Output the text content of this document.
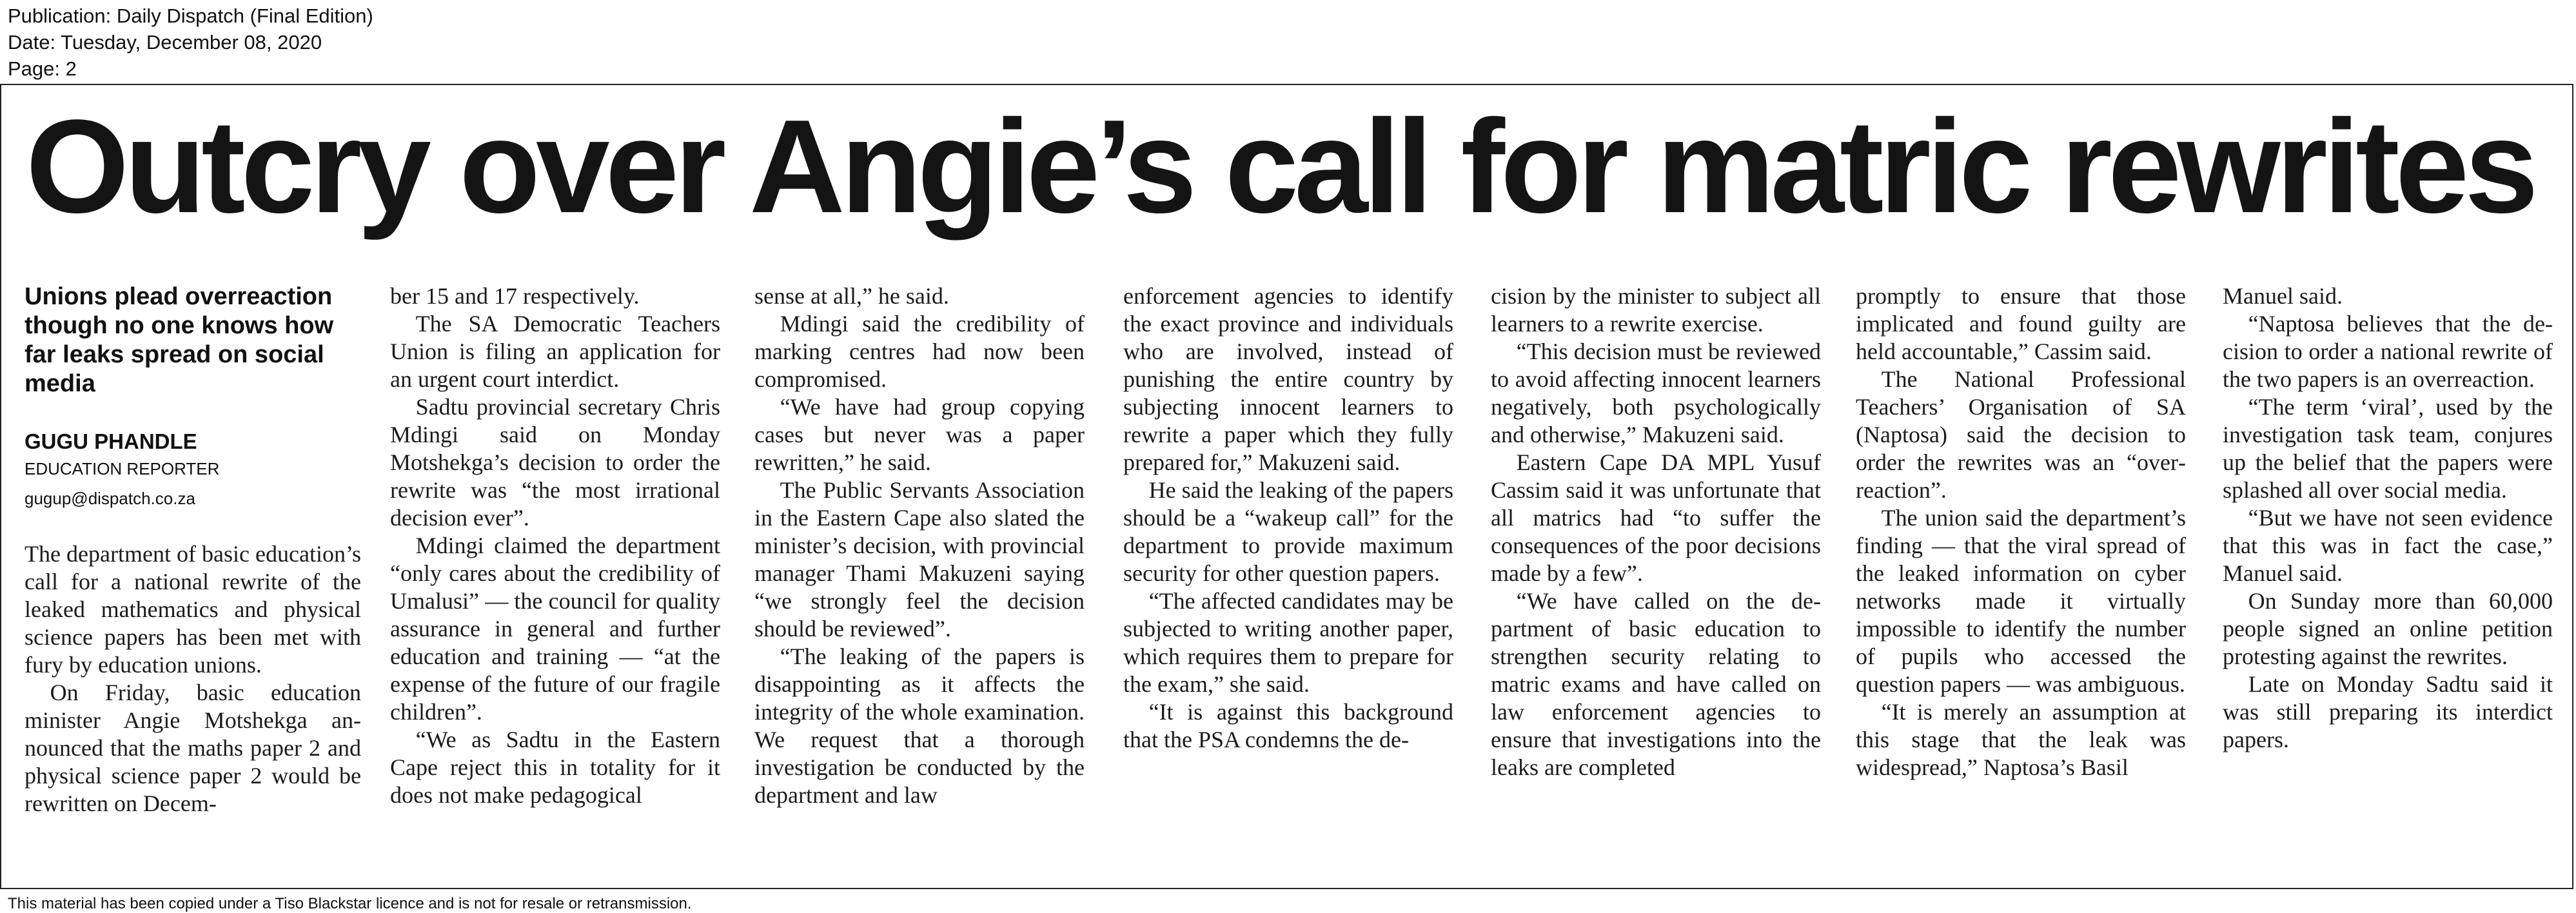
Publication: Daily Dispatch (Final Edition)
Date: Tuesday, December 08, 2020
Page: 2
Outcry over Angie’s call for matric rewrites
Unions plead overreaction though no one knows how far leaks spread on social media
GUGU PHANDLE
EDUCATION REPORTER
gugup@dispatch.co.za

The department of basic education’s call for a national rewrite of the leaked mathematics and physical science papers has been met with fury by education unions.

On Friday, basic education minister Angie Motshekga announced that the maths paper 2 and physical science paper 2 would be rewritten on Decem-

ber 15 and 17 respectively.

The SA Democratic Teachers Union is filing an application for an urgent court interdict.

Sadtu provincial secretary Chris Mdingi said on Monday Motshekga’s decision to order the rewrite was “the most irrational decision ever”.

Mdingi claimed the department “only cares about the credibility of Umalusi” — the council for quality assurance in general and further education and training — “at the expense of the future of our fragile children”.

“We as Sadtu in the Eastern Cape reject this in totality for it does not make pedagogical

sense at all,” he said.

Mdingi said the credibility of marking centres had now been compromised.

“We have had group copying cases but never was a paper rewritten,” he said.

The Public Servants Association in the Eastern Cape also slated the minister’s decision, with provincial manager Thami Makuzeni saying “we strongly feel the decision should be reviewed”.

“The leaking of the papers is disappointing as it affects the integrity of the whole examination. We request that a thorough investigation be conducted by the department and law

enforcement agencies to identify the exact province and individuals who are involved, instead of punishing the entire country by subjecting innocent learners to rewrite a paper which they fully prepared for,” Makuzeni said.

He said the leaking of the papers should be a “wakeup call” for the department to provide maximum security for other question papers.

“The affected candidates may be subjected to writing another paper, which requires them to prepare for the exam,” she said.

“It is against this background that the PSA condemns the de-

cision by the minister to subject all learners to a rewrite exercise.

“This decision must be reviewed to avoid affecting innocent learners negatively, both psychologically and otherwise,” Makuzeni said.

Eastern Cape DA MPL Yusuf Cassim said it was unfortunate that all matrics had “to suffer the consequences of the poor decisions made by a few”.

“We have called on the department of basic education to strengthen security relating to matric exams and have called on law enforcement agencies to ensure that investigations into the leaks are completed

promptly to ensure that those implicated and found guilty are held accountable,” Cassim said.

The National Professional Teachers’ Organisation of SA (Naptosa) said the decision to order the rewrites was an “overreaction”.

The union said the department’s finding — that the viral spread of the leaked information on cyber networks made it virtually impossible to identify the number of pupils who accessed the question papers — was ambiguous.

“It is merely an assumption at this stage that the leak was widespread,” Naptosa’s Basil

Manuel said.

“Naptosa believes that the decision to order a national rewrite of the two papers is an overreaction.

“The term ‘viral’, used by the investigation task team, conjures up the belief that the papers were splashed all over social media.

“But we have not seen evidence that this was in fact the case,” Manuel said.

On Sunday more than 60,000 people signed an online petition protesting against the rewrites.

Late on Monday Sadtu said it was still preparing its interdict papers.

This material has been copied under a Tiso Blackstar licence and is not for resale or retransmission.
